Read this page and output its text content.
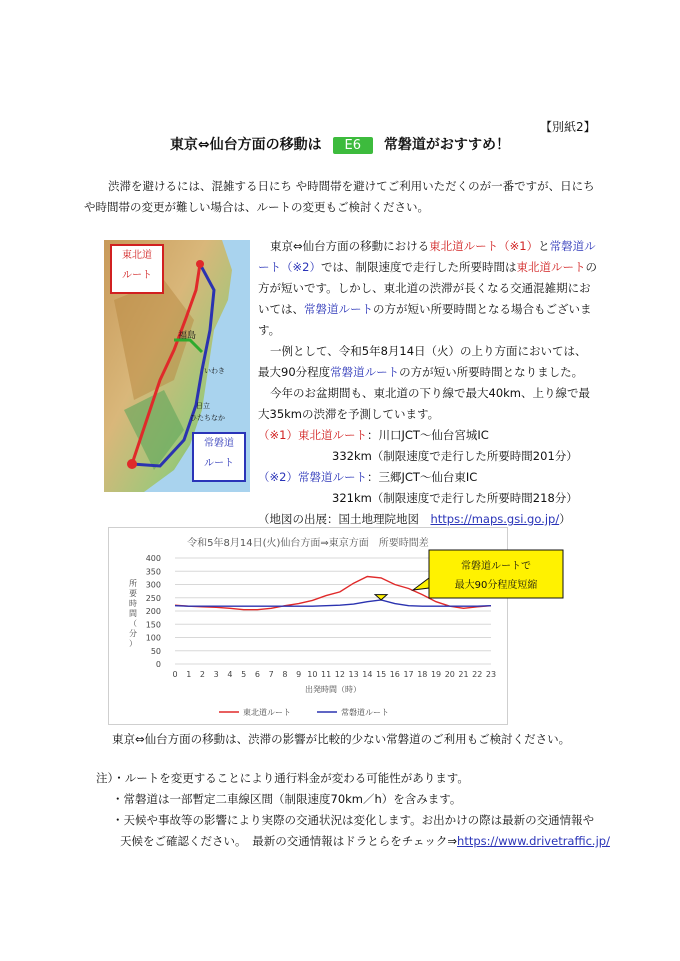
【別紙2】
東京⇔仙台方面の移動は E6 常磐道がおすすめ！
渋滞を避けるには、混雑する日にち や時間帯を避けてご利用いただくのが一番ですが、日にちや時間帯の変更が難しい場合は、ルートの変更もご検討ください。
福島
いわき
日立
ひたちなか
東北道
ルート
常磐道
ルート
東京⇔仙台方面の移動における東北道ルート（※1）と常磐道ルート（※2）では、制限速度で走行した所要時間は東北道ルートの方が短いです。しかし、東北道の渋滞が長くなる交通混雑期においては、常磐道ルートの方が短い所要時間となる場合もございます。
一例として、令和5年8月14日（火）の上り方面においては、最大90分程度常磐道ルートの方が短い所要時間となりました。
今年のお盆期間も、東北道の下り線で最大40km、上り線で最大35kmの渋滞を予測しています。
（※1）東北道ルート：川口JCT～仙台宮城IC
332km（制限速度で走行した所要時間201分）
（※2）常磐道ルート：三郷JCT～仙台東IC
321km（制限速度で走行した所要時間218分）
（地図の出展：国土地理院地図　https://maps.gsi.go.jp/）
令和5年8月14日(火)仙台方面⇒東京方面　所要時間差
0
50
100
150
200
250
300
350
400
所
要
時
間
（
分
）
0 1 2 3 4 5 6 7 8 9 10 11 12 13 14 15 16 17 18 19 20 21 22 23
出発時間（時）
東北道ルート	常磐道ルート
常磐道ルートで
最大90分程度短縮
東京⇔仙台方面の移動は、渋滞の影響が比較的少ない常磐道のご利用もご検討ください。
注）・ルートを変更することにより通行料金が変わる可能性があります。
・常磐道は一部暫定二車線区間（制限速度70km／h）を含みます。
・天候や事故等の影響により実際の交通状況は変化します。お出かけの際は最新の交通情報や
天候をご確認ください。　最新の交通情報はドラとらをチェック⇒https://www.drivetraffic.jp/
